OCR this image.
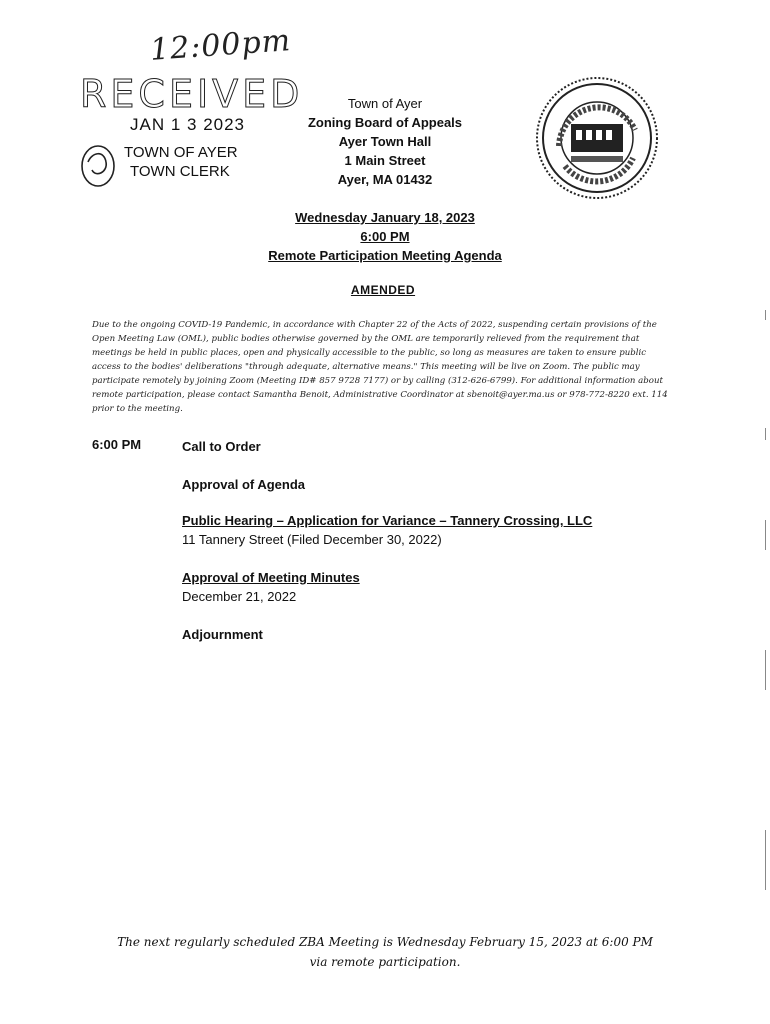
12:00pm
RECEIVED
JAN 1 3 2023
TOWN OF AYER
TOWN CLERK
Town of Ayer
Zoning Board of Appeals
Ayer Town Hall
1 Main Street
Ayer, MA 01432
Wednesday January 18, 2023
6:00 PM
Remote Participation Meeting Agenda
AMENDED
Due to the ongoing COVID-19 Pandemic, in accordance with Chapter 22 of the Acts of 2022, suspending certain provisions of the Open Meeting Law (OML), public bodies otherwise governed by the OML are temporarily relieved from the requirement that meetings be held in public places, open and physically accessible to the public, so long as measures are taken to ensure public access to the bodies' deliberations "through adequate, alternative means." This meeting will be live on Zoom. The public may participate remotely by joining Zoom (Meeting ID# 857 9728 7177) or by calling (312-626-6799). For additional information about remote participation, please contact Samantha Benoit, Administrative Coordinator at sbenoit@ayer.ma.us or 978-772-8220 ext. 114 prior to the meeting.
6:00 PM	Call to Order
Approval of Agenda
Public Hearing – Application for Variance – Tannery Crossing, LLC
11 Tannery Street (Filed December 30, 2022)
Approval of Meeting Minutes
December 21, 2022
Adjournment
The next regularly scheduled ZBA Meeting is Wednesday February 15, 2023 at 6:00 PM
via remote participation.
